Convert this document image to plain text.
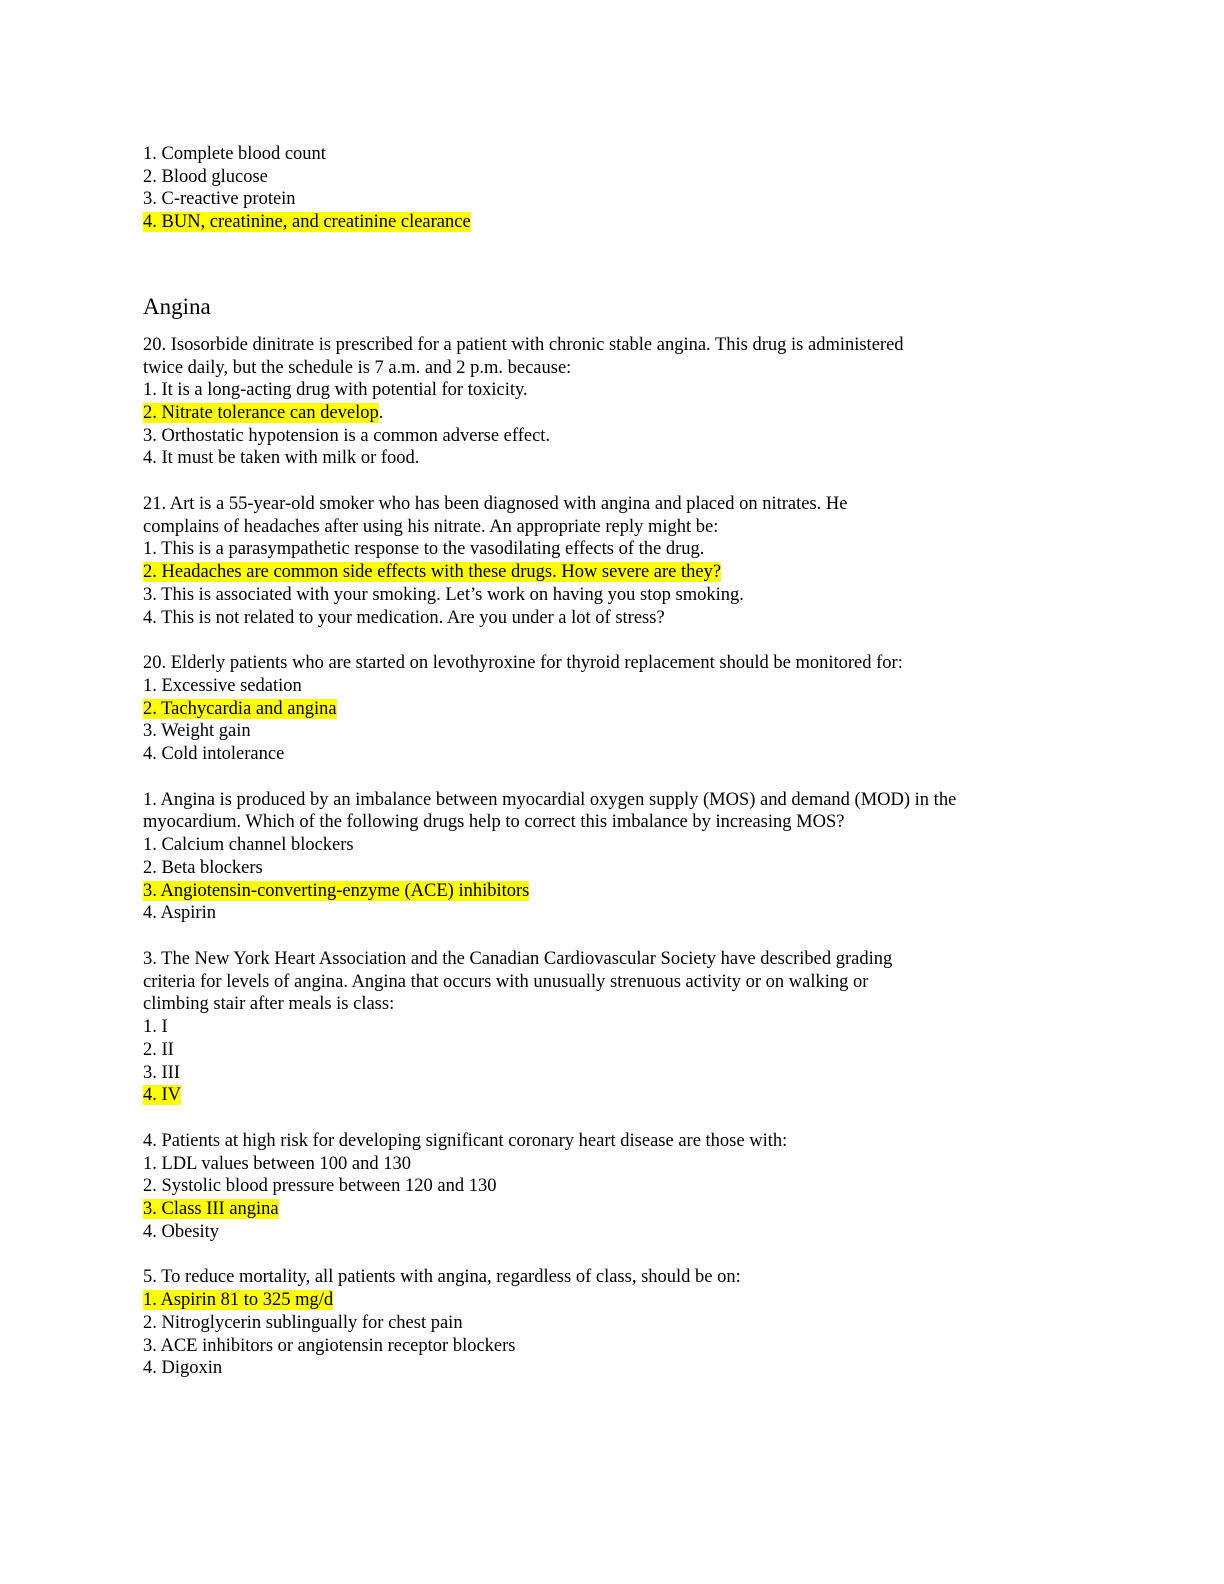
1. Complete blood count
2. Blood glucose
3. C-reactive protein
4. BUN, creatinine, and creatinine clearance
Angina
20. Isosorbide dinitrate is prescribed for a patient with chronic stable angina. This drug is administered
twice daily, but the schedule is 7 a.m. and 2 p.m. because:
1. It is a long-acting drug with potential for toxicity.
2. Nitrate tolerance can develop.
3. Orthostatic hypotension is a common adverse effect.
4. It must be taken with milk or food.
21. Art is a 55-year-old smoker who has been diagnosed with angina and placed on nitrates. He
complains of headaches after using his nitrate. An appropriate reply might be:
1. This is a parasympathetic response to the vasodilating effects of the drug.
2. Headaches are common side effects with these drugs. How severe are they?
3. This is associated with your smoking. Let’s work on having you stop smoking.
4. This is not related to your medication. Are you under a lot of stress?
20. Elderly patients who are started on levothyroxine for thyroid replacement should be monitored for:
1. Excessive sedation
2. Tachycardia and angina
3. Weight gain
4. Cold intolerance
1. Angina is produced by an imbalance between myocardial oxygen supply (MOS) and demand (MOD) in the
myocardium. Which of the following drugs help to correct this imbalance by increasing MOS?
1. Calcium channel blockers
2. Beta blockers
3. Angiotensin-converting-enzyme (ACE) inhibitors
4. Aspirin
3. The New York Heart Association and the Canadian Cardiovascular Society have described grading
criteria for levels of angina. Angina that occurs with unusually strenuous activity or on walking or
climbing stair after meals is class:
1. I
2. II
3. III
4. IV
4. Patients at high risk for developing significant coronary heart disease are those with:
1. LDL values between 100 and 130
2. Systolic blood pressure between 120 and 130
3. Class III angina
4. Obesity
5. To reduce mortality, all patients with angina, regardless of class, should be on:
1. Aspirin 81 to 325 mg/d
2. Nitroglycerin sublingually for chest pain
3. ACE inhibitors or angiotensin receptor blockers
4. Digoxin
